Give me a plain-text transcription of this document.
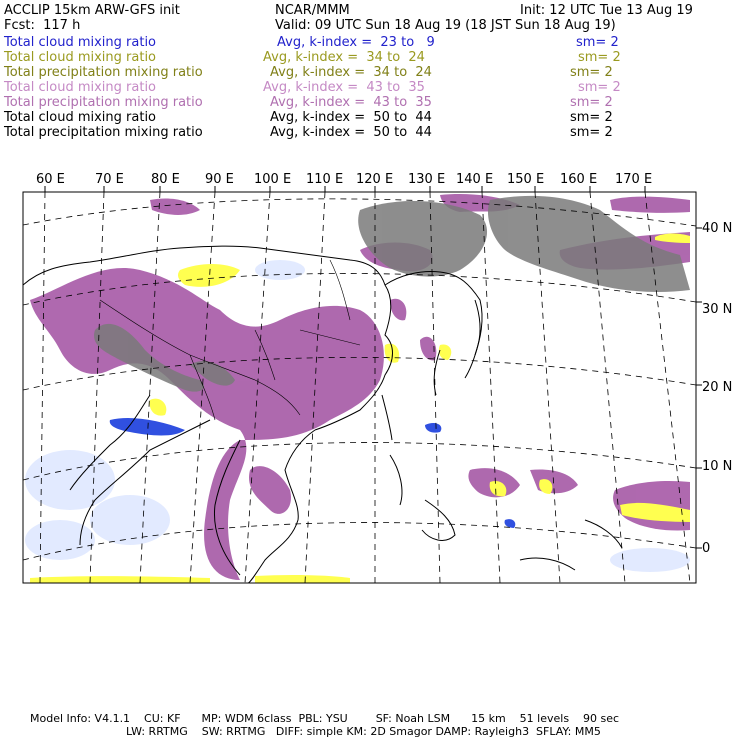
ACCLIP 15km ARW-GFS init	NCAR/MMM	Init: 12 UTC Tue 13 Aug 19
Fcst:  117 h	Valid: 09 UTC Sun 18 Aug 19 (18 JST Sun 18 Aug 19)
Total cloud mixing ratio	Avg, k-index =  23 to   9	sm= 2
Total cloud mixing ratio	Avg, k-index =  34 to  24	sm= 2
Total precipitation mixing ratio	Avg, k-index =  34 to  24	sm= 2
Total cloud mixing ratio	Avg, k-index =  43 to  35	sm= 2
Total precipitation mixing ratio	Avg, k-index =  43 to  35	sm= 2
Total cloud mixing ratio	Avg, k-index =  50 to  44	sm= 2
Total precipitation mixing ratio	Avg, k-index =  50 to  44	sm= 2
60 E 70 E 80 E 90 E 100 E 110 E 120 E 130 E 140 E 150 E 160 E 170 E
40 N
30 N
20 N
10 N
0
Model Info: V4.1.1    CU: KF      MP: WDM 6class  PBL: YSU        SF: Noah LSM      15 km    51 levels    90 sec
LW: RRTMG    SW: RRTMG   DIFF: simple KM: 2D Smagor DAMP: Rayleigh3  SFLAY: MM5
